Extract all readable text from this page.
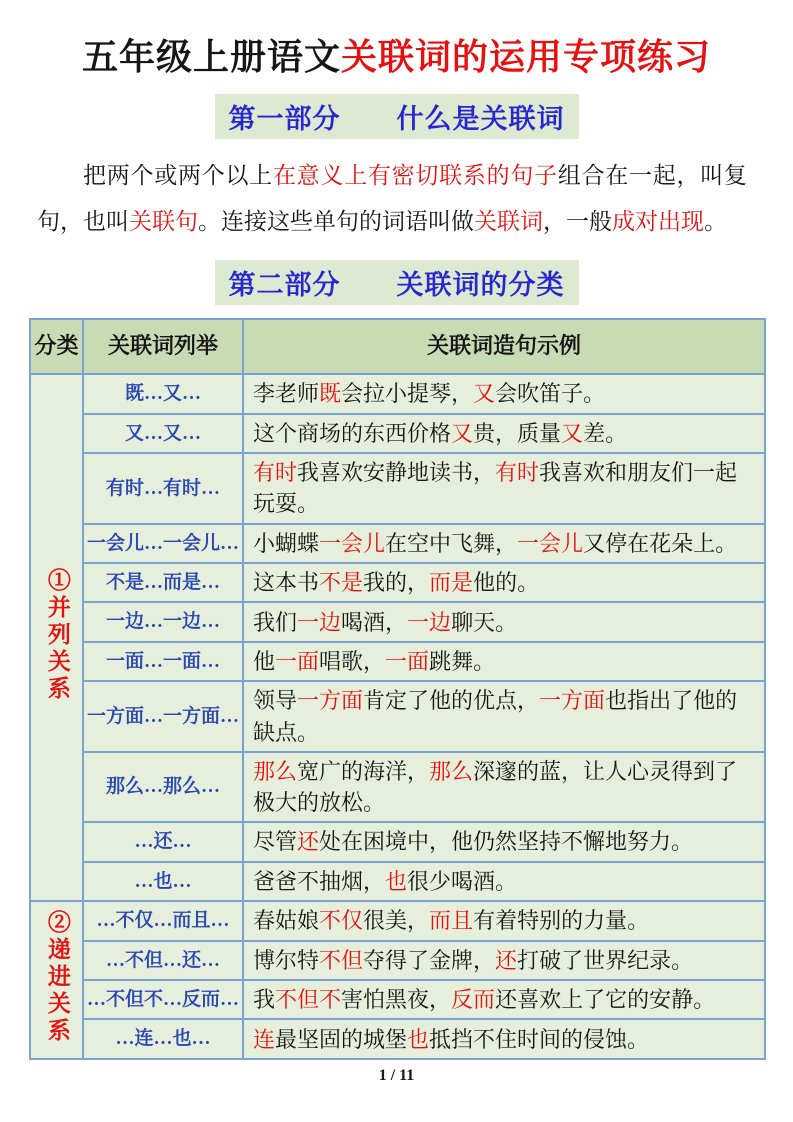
五年级上册语文关联词的运用专项练习
第一部分　　什么是关联词

把两个或两个以上在意义上有密切联系的句子组合在一起，叫复句，也叫关联句。连接这些单句的词语叫做关联词，一般成对出现。

第二部分　　关联词的分类
分类	关联词列举	关联词造句示例
①并列关系	既…又…	李老师既会拉小提琴，又会吹笛子。
	又…又…	这个商场的东西价格又贵，质量又差。
	有时…有时…	有时我喜欢安静地读书，有时我喜欢和朋友们一起玩耍。
	一会儿…一会儿…	小蝴蝶一会儿在空中飞舞，一会儿又停在花朵上。
	不是…而是…	这本书不是我的，而是他的。
	一边…一边…	我们一边喝酒，一边聊天。
	一面…一面…	他一面唱歌，一面跳舞。
	一方面…一方面…	领导一方面肯定了他的优点，一方面也指出了他的缺点。
	那么…那么…	那么宽广的海洋，那么深邃的蓝，让人心灵得到了极大的放松。
	…还…	尽管还处在困境中，他仍然坚持不懈地努力。
	…也…	爸爸不抽烟，也很少喝酒。
②递进关系	…不仅…而且…	春姑娘不仅很美，而且有着特别的力量。
	…不但…还…	博尔特不但夺得了金牌，还打破了世界纪录。
	…不但不…反而…	我不但不害怕黑夜，反而还喜欢上了它的安静。
	…连…也…	连最坚固的城堡也抵挡不住时间的侵蚀。
1 / 11
